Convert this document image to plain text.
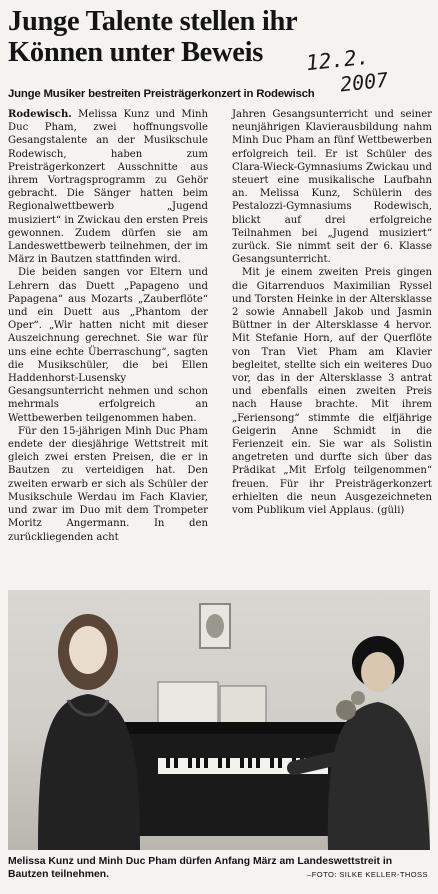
Junge Talente stellen ihr Können unter Beweis	12.2.
2007
Junge Musiker bestreiten Preisträgerkonzert in Rodewisch

Rodewisch. Melissa Kunz und Minh Duc Pham, zwei hoffnungsvolle Gesangstalente an der Musikschule Rodewisch, haben zum Preisträgerkonzert Ausschnitte aus ihrem Vortragsprogramm zu Gehör gebracht. Die Sänger hatten beim Regionalwettbewerb „Jugend musiziert“ in Zwickau den ersten Preis gewonnen. Zudem dürfen sie am Landeswettbewerb teilnehmen, der im März in Bautzen stattfinden wird.

Die beiden sangen vor Eltern und Lehrern das Duett „Papageno und Papagena“ aus Mozarts „Zauberflöte“ und ein Duett aus „Phantom der Oper“. „Wir hatten nicht mit dieser Auszeichnung gerechnet. Sie war für uns eine echte Überraschung“, sagten die Musikschüler, die bei Ellen Haddenhorst-Lusensky Gesangsunterricht nehmen und schon mehrmals erfolgreich an Wettbewerben teilgenommen haben.

Für den 15-jährigen Minh Duc Pham endete der diesjährige Wettstreit mit gleich zwei ersten Preisen, die er in Bautzen zu verteidigen hat. Den zweiten erwarb er sich als Schüler der Musikschule Werdau im Fach Klavier, und zwar im Duo mit dem Trompeter Moritz Angermann. In den zurückliegenden acht

Jahren Gesangsunterricht und seiner neunjährigen Klavierausbildung nahm Minh Duc Pham an fünf Wettbewerben erfolgreich teil. Er ist Schüler des Clara-Wieck-Gymnasiums Zwickau und steuert eine musikalische Laufbahn an. Melissa Kunz, Schülerin des Pestalozzi-Gymnasiums Rodewisch, blickt auf drei erfolgreiche Teilnahmen bei „Jugend musiziert“ zurück. Sie nimmt seit der 6. Klasse Gesangsunterricht.

Mit je einem zweiten Preis gingen die Gitarrenduos Maximilian Ryssel und Torsten Heinke in der Altersklasse 2 sowie Annabell Jakob und Jasmin Büttner in der Altersklasse 4 hervor. Mit Stefanie Horn, auf der Querflöte von Tran Viet Pham am Klavier begleitet, stellte sich ein weiteres Duo vor, das in der Altersklasse 3 antrat und ebenfalls einen zweiten Preis nach Hause brachte. Mit ihrem „Feriensong“ stimmte die elfjährige Geigerin Anne Schmidt in die Ferienzeit ein. Sie war als Solistin angetreten und durfte sich über das Prädikat „Mit Erfolg teilgenommen“ freuen. Für ihr Preisträgerkonzert erhielten die neun Ausgezeichneten vom Publikum viel Applaus. (güli)

Melissa Kunz und Minh Duc Pham dürfen Anfang März am Landeswettstreit in Bautzen teilnehmen.	–FOTO: SILKE KELLER-THOSS
